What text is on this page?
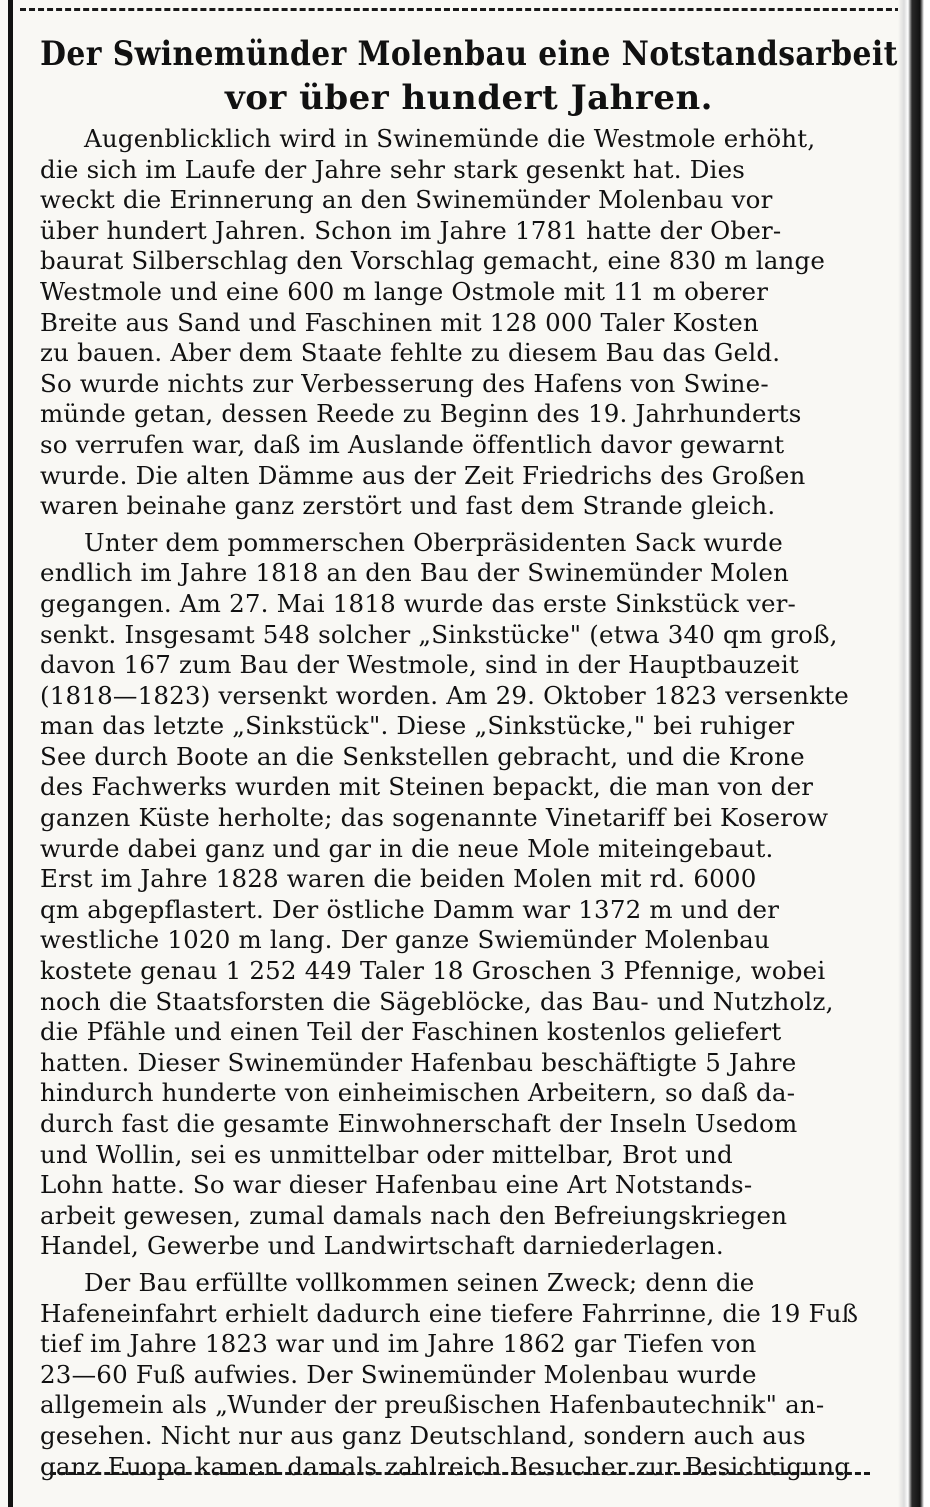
Der Swinemünder Molenbau eine Notstandsarbeit
vor über hundert Jahren.

Augenblicklich wird in Swinemünde die Westmole erhöht,
die sich im Laufe der Jahre sehr stark gesenkt hat. Dies
weckt die Erinnerung an den Swinemünder Molenbau vor
über hundert Jahren. Schon im Jahre 1781 hatte der Ober-
baurat Silberschlag den Vorschlag gemacht, eine 830 m lange
Westmole und eine 600 m lange Ostmole mit 11 m oberer
Breite aus Sand und Faschinen mit 128 000 Taler Kosten
zu bauen. Aber dem Staate fehlte zu diesem Bau das Geld.
So wurde nichts zur Verbesserung des Hafens von Swine-
münde getan, dessen Reede zu Beginn des 19. Jahrhunderts
so verrufen war, daß im Auslande öffentlich davor gewarnt
wurde. Die alten Dämme aus der Zeit Friedrichs des Großen
waren beinahe ganz zerstört und fast dem Strande gleich.

Unter dem pommerschen Oberpräsidenten Sack wurde
endlich im Jahre 1818 an den Bau der Swinemünder Molen
gegangen. Am 27. Mai 1818 wurde das erste Sinkstück ver-
senkt. Insgesamt 548 solcher „Sinkstücke" (etwa 340 qm groß,
davon 167 zum Bau der Westmole, sind in der Hauptbauzeit
(1818—1823) versenkt worden. Am 29. Oktober 1823 versenkte
man das letzte „Sinkstück". Diese „Sinkstücke," bei ruhiger
See durch Boote an die Senkstellen gebracht, und die Krone
des Fachwerks wurden mit Steinen bepackt, die man von der
ganzen Küste herholte; das sogenannte Vinetariff bei Koserow
wurde dabei ganz und gar in die neue Mole miteingebaut.
Erst im Jahre 1828 waren die beiden Molen mit rd. 6000
qm abgepflastert. Der östliche Damm war 1372 m und der
westliche 1020 m lang. Der ganze Swiemünder Molenbau
kostete genau 1 252 449 Taler 18 Groschen 3 Pfennige, wobei
noch die Staatsforsten die Sägeblöcke, das Bau- und Nutzholz,
die Pfähle und einen Teil der Faschinen kostenlos geliefert
hatten. Dieser Swinemünder Hafenbau beschäftigte 5 Jahre
hindurch hunderte von einheimischen Arbeitern, so daß da-
durch fast die gesamte Einwohnerschaft der Inseln Usedom
und Wollin, sei es unmittelbar oder mittelbar, Brot und
Lohn hatte. So war dieser Hafenbau eine Art Notstands-
arbeit gewesen, zumal damals nach den Befreiungskriegen
Handel, Gewerbe und Landwirtschaft darniederlagen.

Der Bau erfüllte vollkommen seinen Zweck; denn die
Hafeneinfahrt erhielt dadurch eine tiefere Fahrrinne, die 19 Fuß
tief im Jahre 1823 war und im Jahre 1862 gar Tiefen von
23—60 Fuß aufwies. Der Swinemünder Molenbau wurde
allgemein als „Wunder der preußischen Hafenbautechnik" an-
gesehen. Nicht nur aus ganz Deutschland, sondern auch aus
ganz Euopa kamen damals zahlreich Besucher zur Besichtigung
